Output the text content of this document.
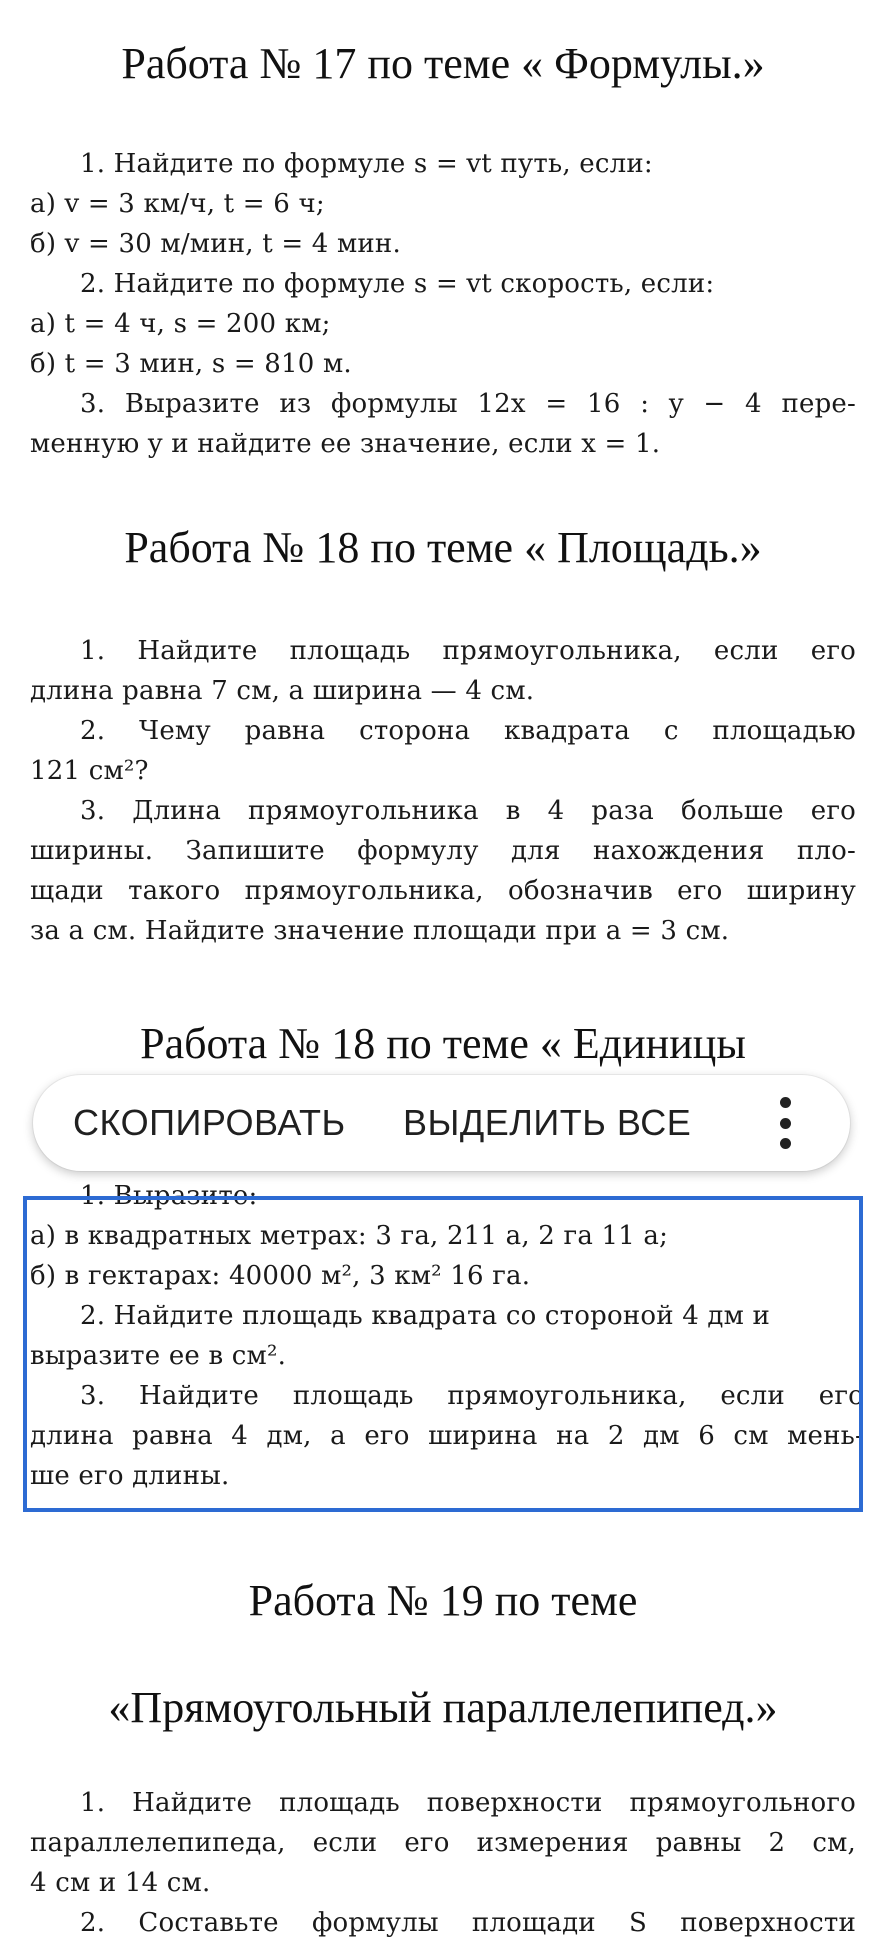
Работа № 17 по теме « Формулы.»
1. Найдите по формуле s = vt путь, если:
а) v = 3 км/ч, t = 6 ч;
б) v = 30 м/мин, t = 4 мин.
2. Найдите по формуле s = vt скорость, если:
а) t = 4 ч, s = 200 км;
б) t = 3 мин, s = 810 м.
3. Выразите из формулы 12x = 16 : y − 4 пере-
менную y и найдите ее значение, если x = 1.
Работа № 18 по теме « Площадь.»
1. Найдите площадь прямоугольника, если его
длина равна 7 см, а ширина — 4 см.
2. Чему равна сторона квадрата с площадью
121 см²?
3. Длина прямоугольника в 4 раза больше его
ширины. Запишите формулу для нахождения пло-
щади такого прямоугольника, обозначив его ширину
за a см. Найдите значение площади при a = 3 см.
Работа № 18 по теме « Единицы
1. Выразите:
а) в квадратных метрах: 3 га, 211 а, 2 га 11 а;
б) в гектарах: 40000 м², 3 км² 16 га.
2. Найдите площадь квадрата со стороной 4 дм и
выразите ее в см².
3. Найдите площадь прямоугольника, если его
длина равна 4 дм, а его ширина на 2 дм 6 см мень-
ше его длины.
СКОПИРОВАТЬ ВЫДЕЛИТЬ ВСЕ
Работа № 19 по теме
«Прямоугольный параллелепипед.»
1. Найдите площадь поверхности прямоугольного
параллелепипеда, если его измерения равны 2 см,
4 см и 14 см.
2. Составьте формулы площади S поверхности
